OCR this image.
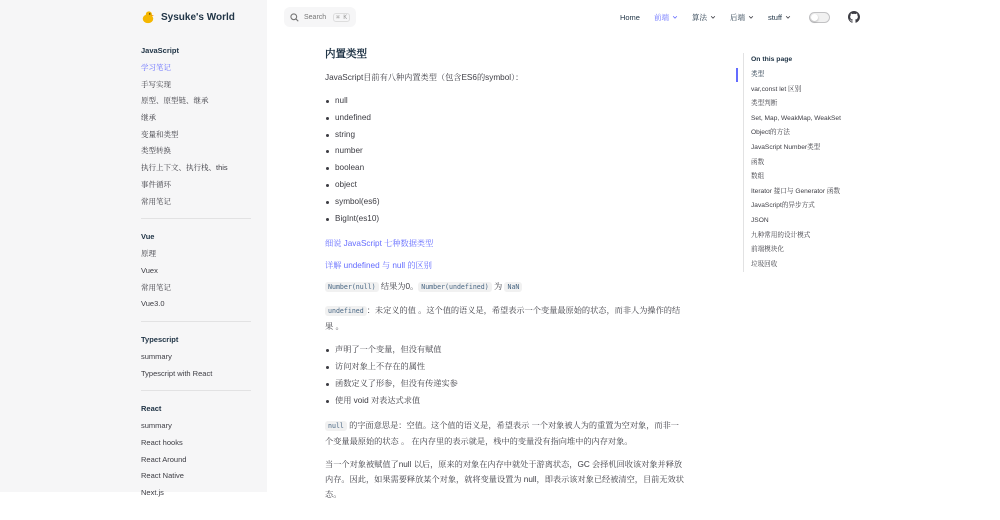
Sysuke's World
JavaScript
学习笔记
手写实现
原型、原型链、继承
继承
变量和类型
类型转换
执行上下文、执行栈、this
事件循环
常用笔记
Vue
原理
Vuex
常用笔记
Vue3.0
Typescript
summary
Typescript with React
React
summary
React hooks
React Around
React Native
Next.js
Search	⌘ K	Home 前端	算法	后端	stuff
内置类型

JavaScript目前有八种内置类型（包含ES6的symbol）：

null
undefined
string
number
boolean
object
symbol(es6)
BigInt(es10)
细说 JavaScript 七种数据类型
详解 undefined 与 null 的区别

Number(null) 结果为0。 Number(undefined) 为 NaN

undefined ：未定义的值 。这个值的语义是，希望表示一个变量最原始的状态，而非人为操作的结果 。

声明了一个变量，但没有赋值
访问对象上不存在的属性
函数定义了形参，但没有传递实参
使用 void 对表达式求值

null 的字面意思是：空值。这个值的语义是，希望表示 一个对象被人为的重置为空对象，而非一个变量最原始的状态 。 在内存里的表示就是，栈中的变量没有指向堆中的内存对象。

当一个对象被赋值了null 以后，原来的对象在内存中就处于游离状态，GC 会择机回收该对象并释放内存。因此，如果需要释放某个对象，就将变量设置为 null，即表示该对象已经被清空，目前无效状态。

On this page
类型
var,const let 区别
类型判断
Set, Map, WeakMap, WeakSet
Object的方法
JavaScript Number类型
函数
数组
Iterator 接口与 Generator 函数
JavaScript的异步方式
JSON
九种常用的设计模式
前端模块化
垃圾回收
